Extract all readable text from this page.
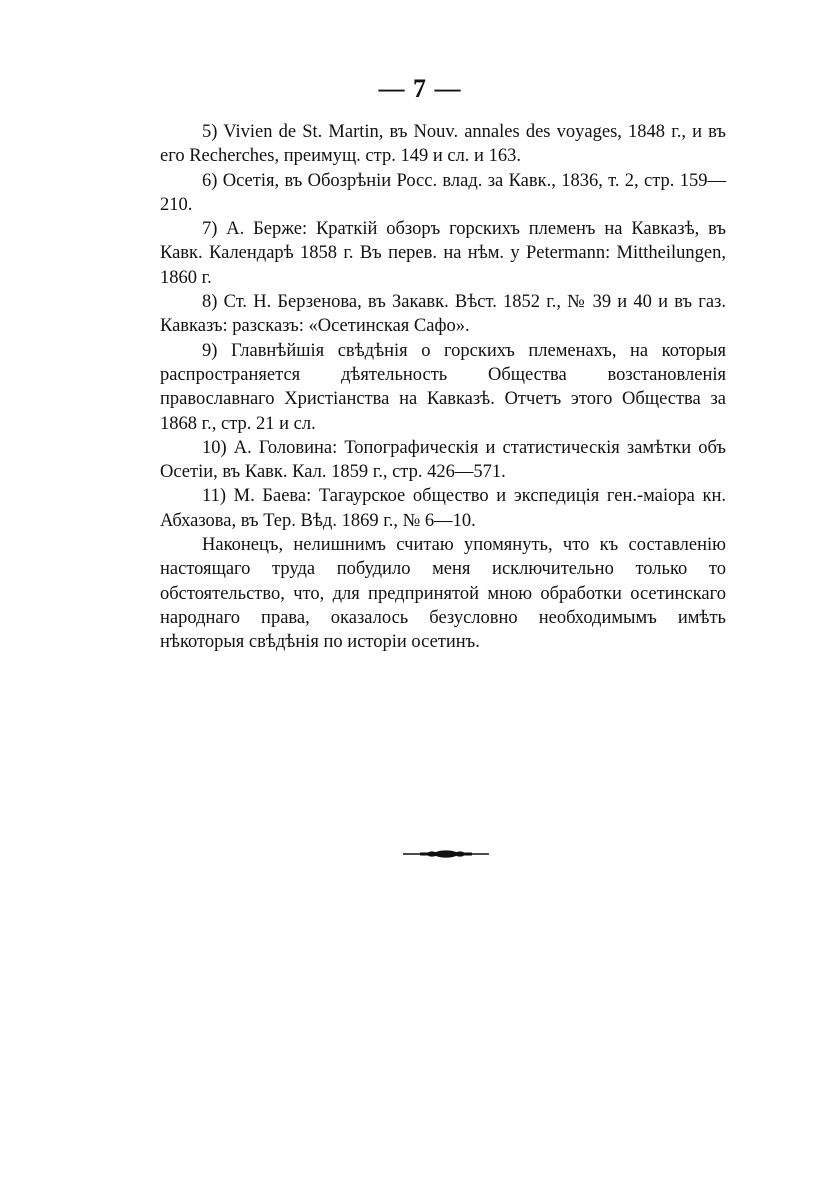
— 7 —

5) Vivien de St. Martin, въ Nouv. annales des voyages, 1848 г., и въ его Recherches, преимущ. стр. 149 и сл. и 163.

6) Осетія, въ Обозрѣніи Росс. влад. за Кавк., 1836, т. 2, стр. 159—210.

7) А. Берже: Краткій обзоръ горскихъ племенъ на Кавказѣ, въ Кавк. Календарѣ 1858 г. Въ перев. на нѣм. у Petermann: Mittheilungen, 1860 г.

8) Ст. Н. Берзенова, въ Закавк. Вѣст. 1852 г., № 39 и 40 и въ газ. Кавказъ: разсказъ: «Осетинская Сафо».

9) Главнѣйшія свѣдѣнія о горскихъ племенахъ, на которыя распространяется дѣятельность Общества возстановленія православнаго Христіанства на Кавказѣ. Отчетъ этого Общества за 1868 г., стр. 21 и сл.

10) А. Головина: Топографическія и статистическія замѣтки объ Осетіи, въ Кавк. Кал. 1859 г., стр. 426—571.

11) М. Баева: Тагаурское общество и экспедиція ген.-маіора кн. Абхазова, въ Тер. Вѣд. 1869 г., № 6—10.

Наконецъ, нелишнимъ считаю упомянуть, что къ составленію настоящаго труда побудило меня исключительно только то обстоятельство, что, для предпринятой мною обработки осетинскаго народнаго права, оказалось безусловно необходимымъ имѣть нѣкоторыя свѣдѣнія по исторіи осетинъ.
